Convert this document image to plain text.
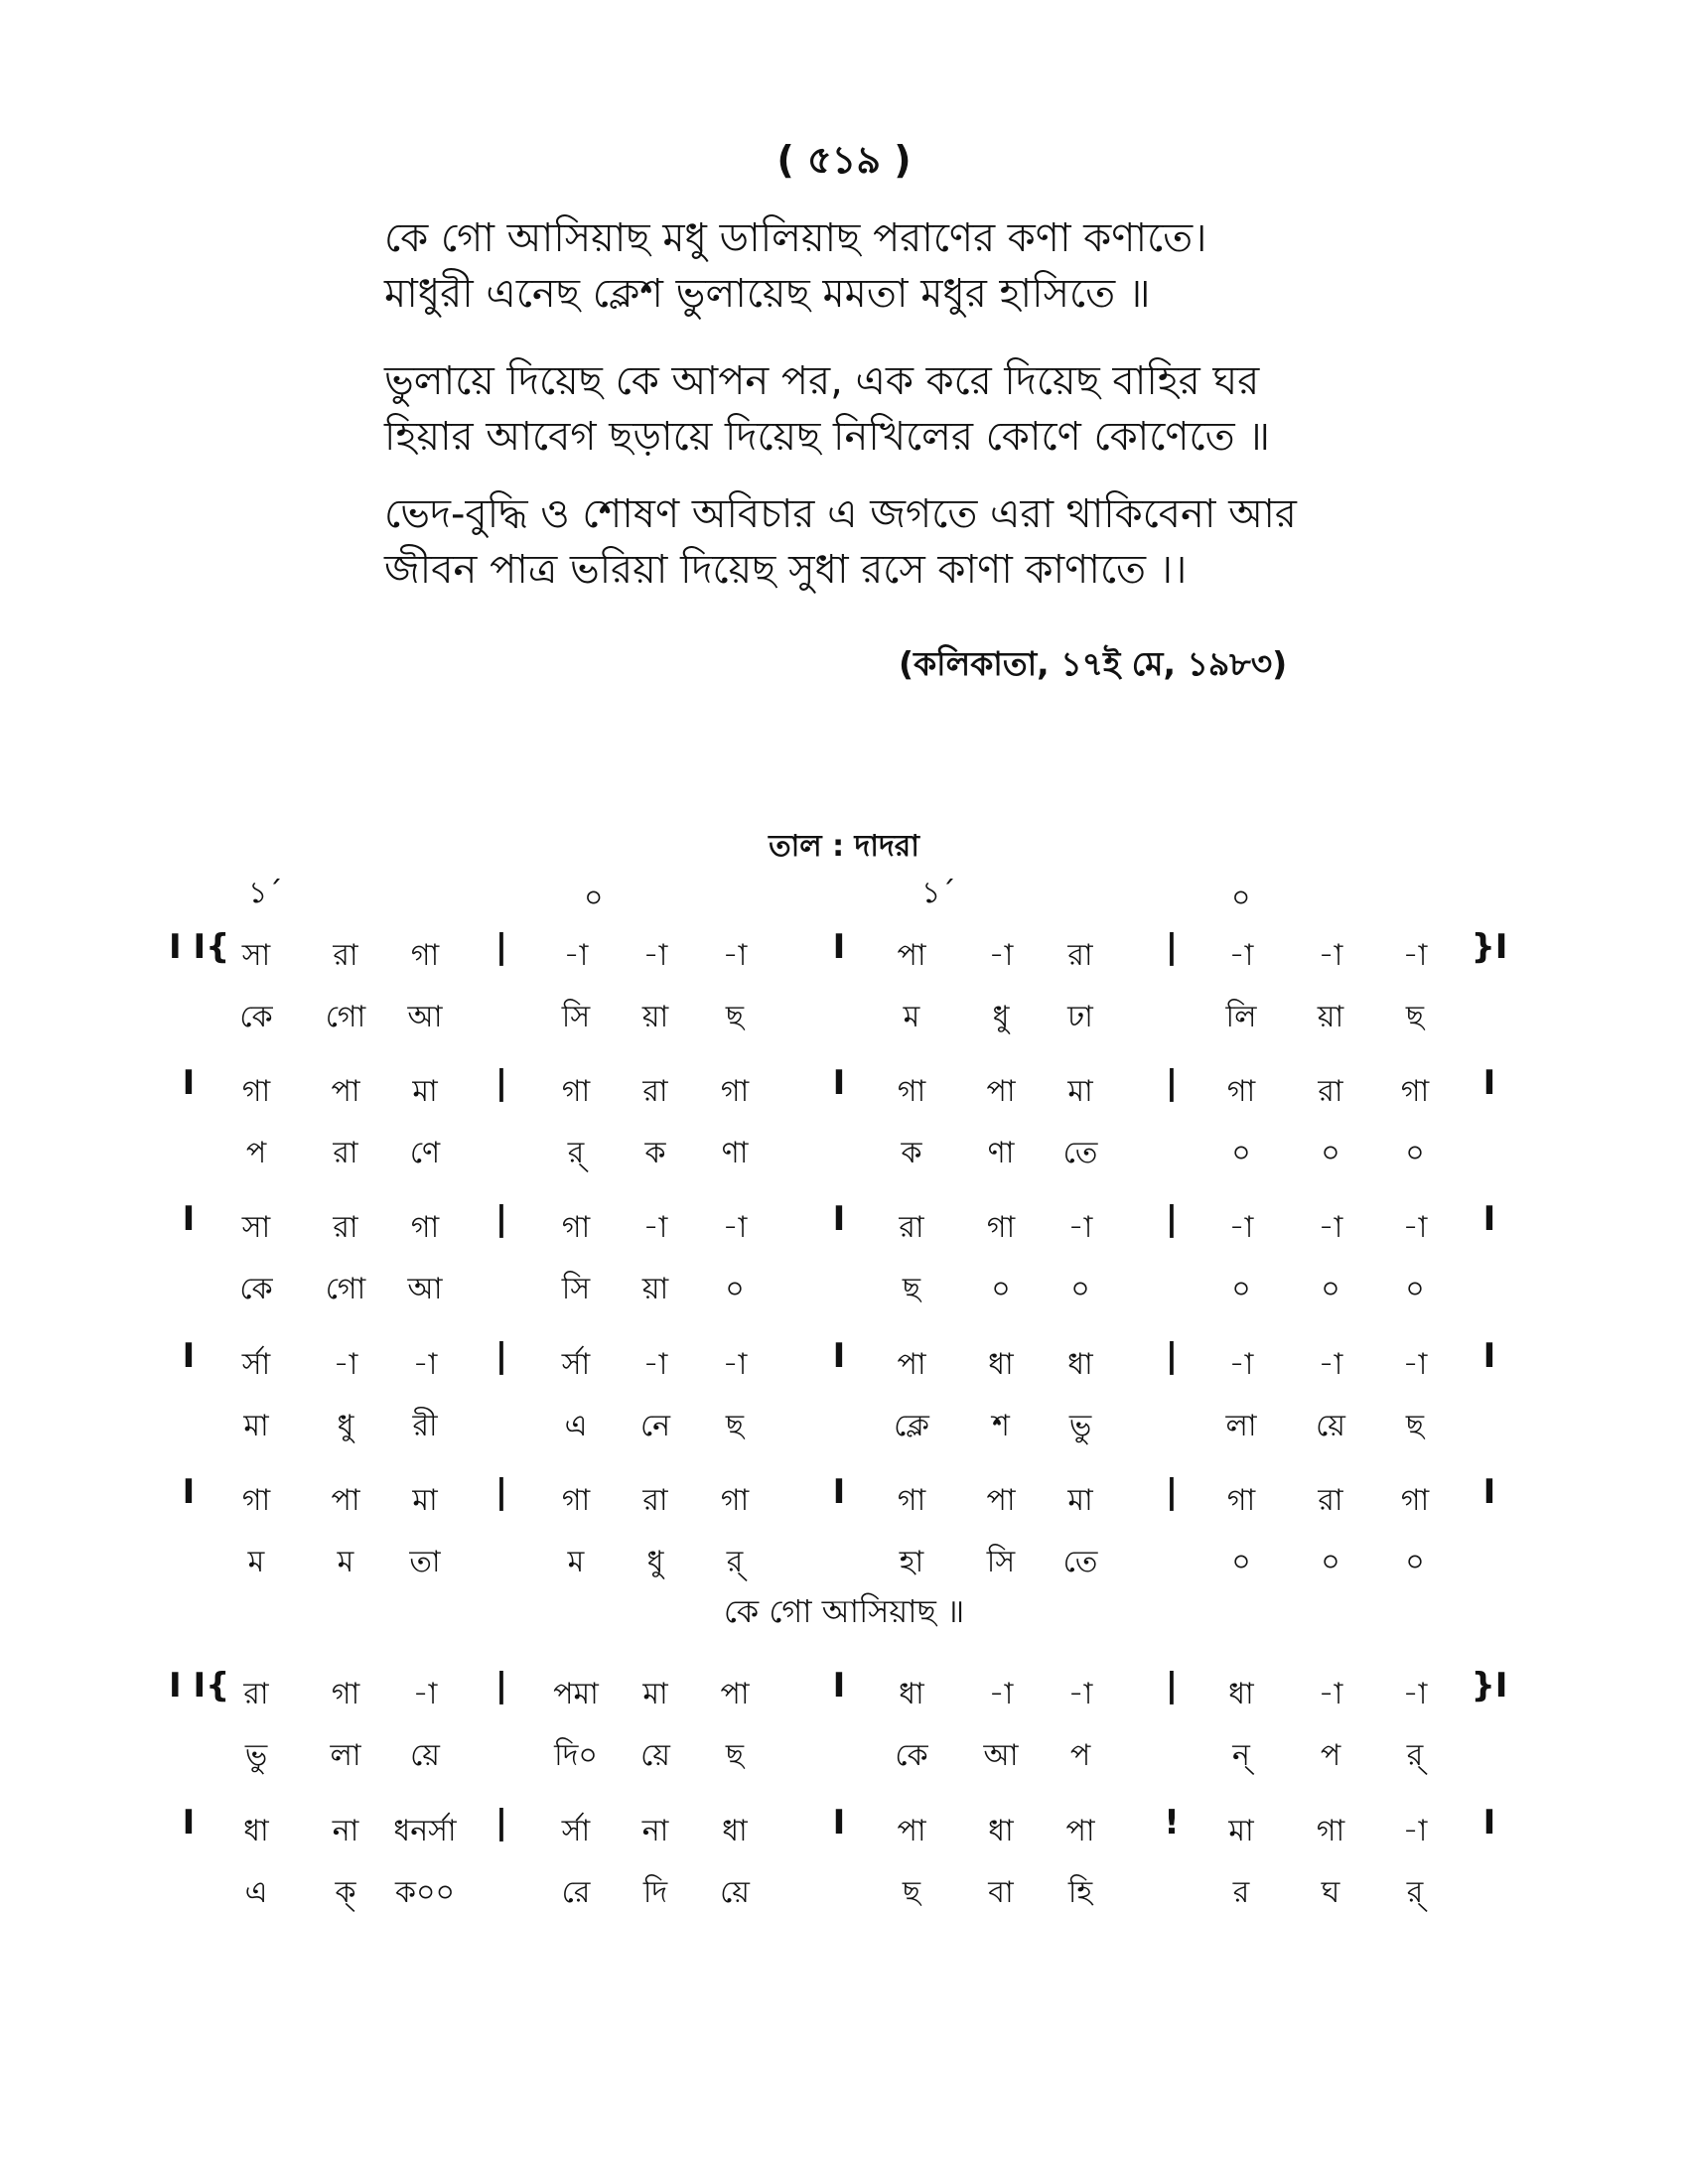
( ৫১৯ )
কে গো আসিয়াছ মধু ডালিয়াছ পরাণের কণা কণাতে।
মাধুরী এনেছ ক্লেশ ভুলায়েছ মমতা মধুর হাসিতে ॥
ভুলায়ে দিয়েছ কে আপন পর, এক করে দিয়েছ বাহির ঘর
হিয়ার আবেগ ছড়ায়ে দিয়েছ নিখিলের কোণে কোণেতে ॥
ভেদ-বুদ্ধি ও শোষণ অবিচার এ জগতে এরা থাকিবেনা আর
জীবন পাত্র ভরিয়া দিয়েছ সুধা রসে কাণা কাণাতে ।।
(কলিকাতা, ১৭ই মে, ১৯৮৩)
তাল : দাদরা
১´	০	১´	০
কে গো আসিয়াছ ॥
I I{	}I
|	I	|
সা	রা	গা	-া	-া	-া	পা	-া	রা	-া	-া	-া
কে	গো	আ	সি	য়া	ছ	ম	ধু	ঢা	লি	য়া	ছ
I	I
|	I	|
গা	পা	মা	গা	রা	গা	গা	পা	মা	গা	রা	গা
প	রা	ণে	র্	ক	ণা	ক	ণা	তে	০	০	০
I	I
|	I	|
সা	রা	গা	গা	-া	-া	রা	গা	-া	-া	-া	-া
কে	গো	আ	সি	য়া	০	ছ	০	০	০	০	০
I	I
|	I	|
র্সা	-া	-া	র্সা	-া	-া	পা	ধা	ধা	-া	-া	-া
মা	ধু	রী	এ	নে	ছ	ক্লে	শ	ভু	লা	য়ে	ছ
I	I
|	I	|
গা	পা	মা	গা	রা	গা	গা	পা	মা	গা	রা	গা
ম	ম	তা	ম	ধু	র্	হা	সি	তে	০	০	০
I I{	}I
|	I	|
রা	গা	-া	পমা	মা	পা	ধা	-া	-া	ধা	-া	-া
ভু	লা	য়ে	দি০	য়ে	ছ	কে	আ	প	ন্	প	র্
I	I
|	I	!
ধা	না	ধনর্সা	র্সা	না	ধা	পা	ধা	পা	মা	গা	-া
এ	ক্	ক০০	রে	দি	য়ে	ছ	বা	হি	র	ঘ	র্
